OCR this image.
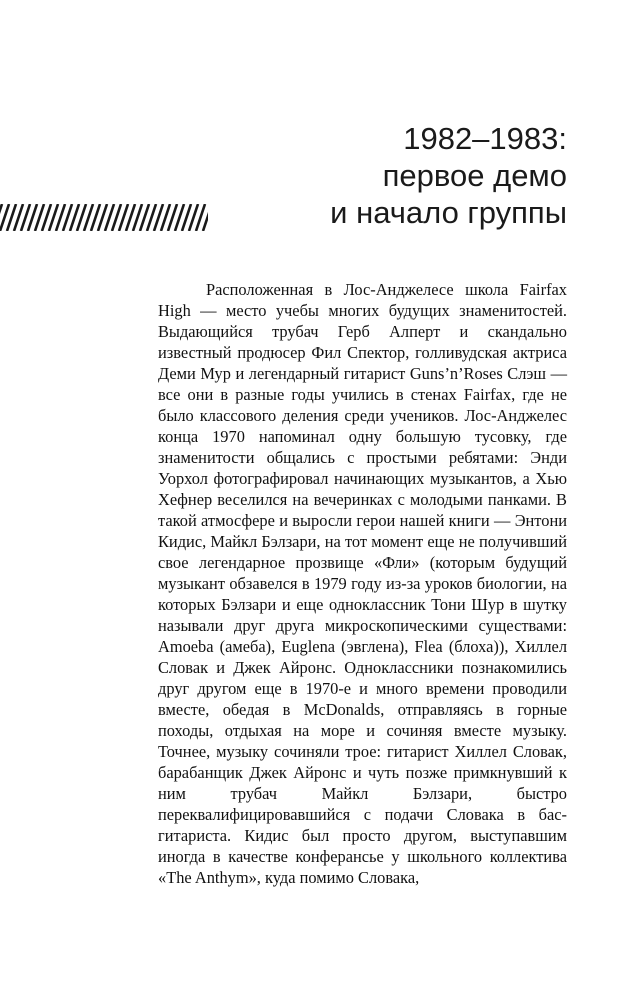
1982–1983:
первое демо
и начало группы

Расположенная в Лос-Анджелесе школа Fairfax High — место учебы многих будущих знаменитостей. Выдающийся трубач Герб Алперт и скандально известный продюсер Фил Спектор, голливудская актриса Деми Мур и легендарный гитарист Guns’n’Roses Слэш — все они в разные годы учились в стенах Fairfax, где не было классового деления среди учеников. Лос-Анджелес конца 1970 напоминал одну большую тусовку, где знаменитости общались с простыми ребятами: Энди Уорхол фотографировал начинающих музыкантов, а Хью Хефнер веселился на вечеринках с молодыми панками. В такой атмосфере и выросли герои нашей книги — Энтони Кидис, Майкл Бэлзари, на тот момент еще не получивший свое легендарное прозвище «Фли» (которым будущий музыкант обзавелся в 1979 году из-за уроков биологии, на которых Бэлзари и еще одноклассник Тони Шур в шутку называли друг друга микроскопическими существами: Amoeba (амеба), Euglena (эвглена), Flea (блоха)), Хиллел Словак и Джек Айронс. Одноклассники познакомились друг другом еще в 1970-е и много времени проводили вместе, обедая в McDonalds, отправляясь в горные походы, отдыхая на море и сочиняя вместе музыку. Точнее, музыку сочиняли трое: гитарист Хиллел Словак, барабанщик Джек Айронс и чуть позже примкнувший к ним трубач Майкл Бэлзари, быстро переквалифицировавшийся с подачи Словака в бас-гитариста. Кидис был просто другом, выступавшим иногда в качестве конферансье у школьного коллектива «The Anthym», куда помимо Словака,
